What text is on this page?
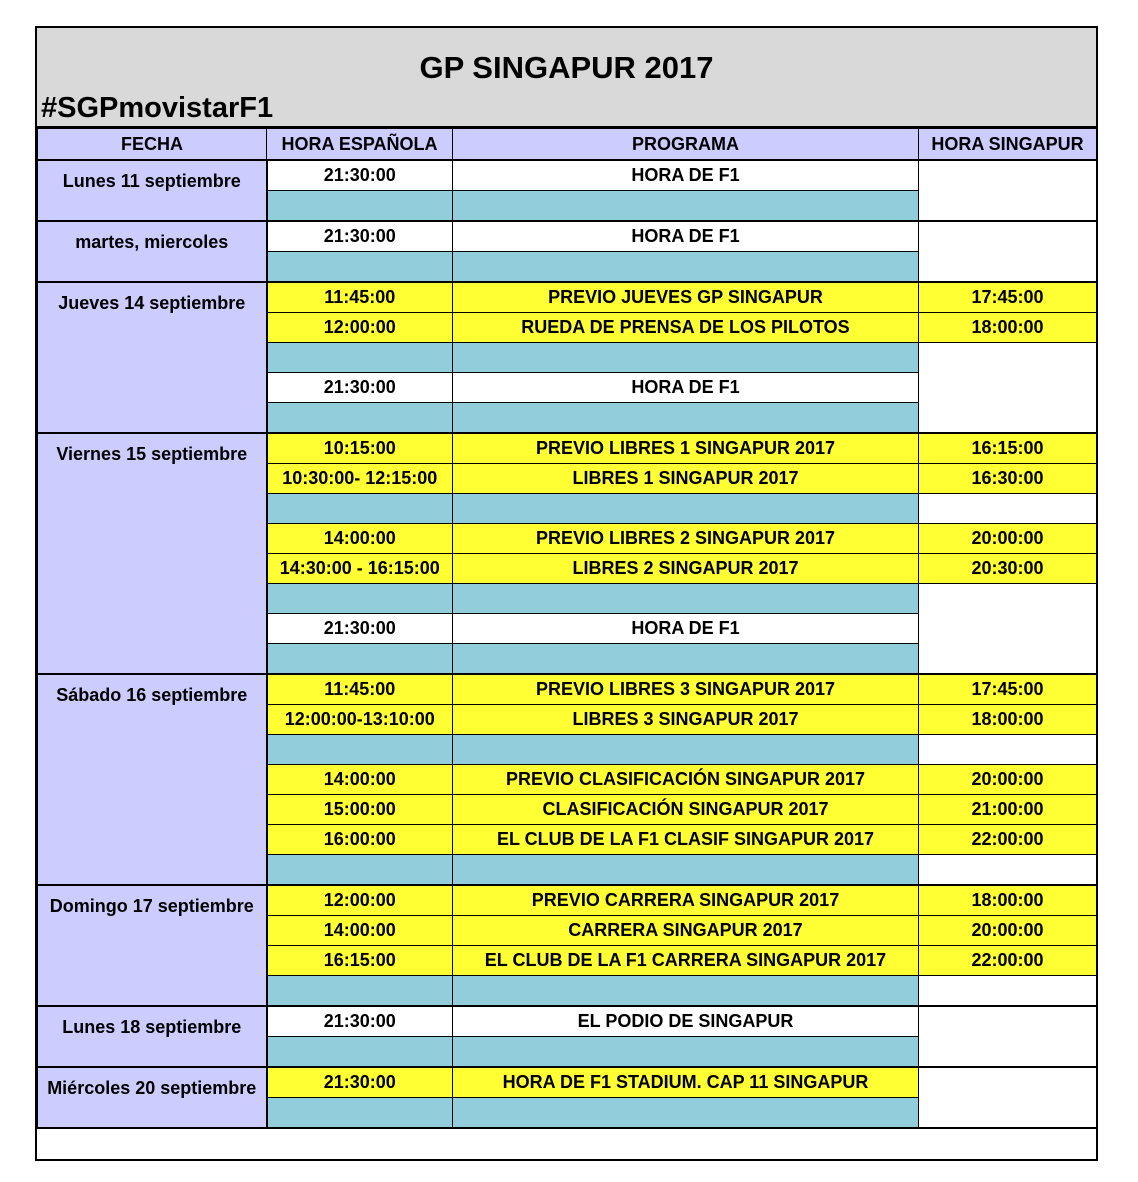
GP SINGAPUR 2017
#SGPmovistarF1
FECHA	HORA ESPAÑOLA	PROGRAMA	HORA SINGAPUR
Lunes 11 septiembre	21:30:00	HORA DE F1	

martes, miercoles	21:30:00	HORA DE F1	

Jueves 14 septiembre	11:45:00	PREVIO JUEVES GP SINGAPUR	17:45:00
	12:00:00	RUEDA DE PRENSA DE LOS PILOTOS	18:00:00

	21:30:00	HORA DE F1	

Viernes 15 septiembre	10:15:00	PREVIO LIBRES 1 SINGAPUR 2017	16:15:00
	10:30:00- 12:15:00	LIBRES 1 SINGAPUR 2017	16:30:00

	14:00:00	PREVIO LIBRES 2 SINGAPUR 2017	20:00:00
	14:30:00 - 16:15:00	LIBRES 2 SINGAPUR 2017	20:30:00

	21:30:00	HORA DE F1	

Sábado 16 septiembre	11:45:00	PREVIO LIBRES 3 SINGAPUR 2017	17:45:00
	12:00:00-13:10:00	LIBRES 3 SINGAPUR 2017	18:00:00

	14:00:00	PREVIO CLASIFICACIÓN SINGAPUR 2017	20:00:00
	15:00:00	CLASIFICACIÓN SINGAPUR 2017	21:00:00
	16:00:00	EL CLUB DE LA F1 CLASIF SINGAPUR 2017	22:00:00

Domingo 17 septiembre	12:00:00	PREVIO CARRERA SINGAPUR 2017	18:00:00
	14:00:00	CARRERA SINGAPUR 2017	20:00:00
	16:15:00	EL CLUB DE LA F1 CARRERA SINGAPUR 2017	22:00:00

Lunes 18 septiembre	21:30:00	EL PODIO DE SINGAPUR	

Miércoles 20 septiembre	21:30:00	HORA DE F1 STADIUM. CAP 11 SINGAPUR	
